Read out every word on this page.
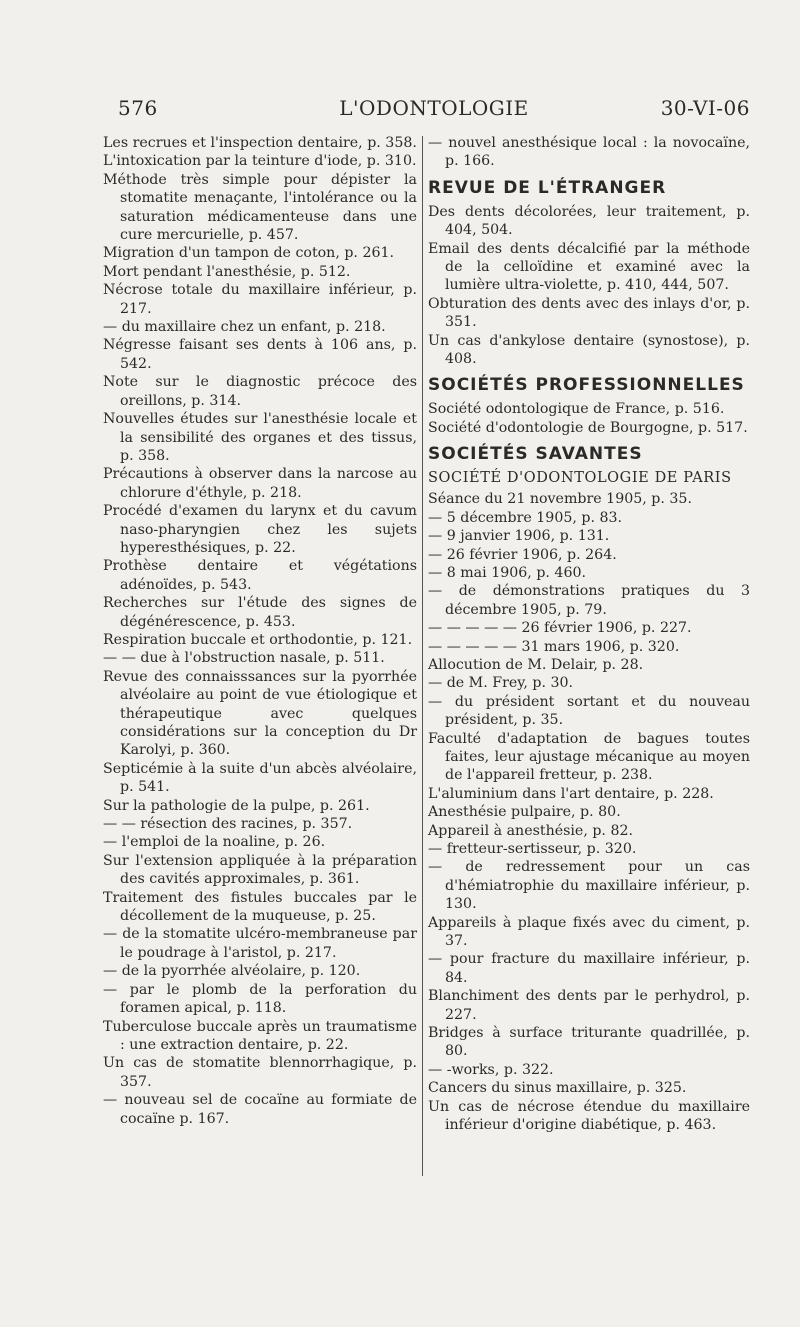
576	L'ODONTOLOGIE	30-VI-06

Les recrues et l'inspection dentaire, p. 358.

L'intoxication par la teinture d'iode, p. 310.

Méthode très simple pour dépister la stomatite menaçante, l'intolérance ou la saturation médicamenteuse dans une cure mercurielle, p. 457.

Migration d'un tampon de coton, p. 261.

Mort pendant l'anesthésie, p. 512.

Nécrose totale du maxillaire inférieur, p. 217.

— du maxillaire chez un enfant, p. 218.

Négresse faisant ses dents à 106 ans, p. 542.

Note sur le diagnostic précoce des oreillons, p. 314.

Nouvelles études sur l'anesthésie locale et la sensibilité des organes et des tissus, p. 358.

Précautions à observer dans la narcose au chlorure d'éthyle, p. 218.

Procédé d'examen du larynx et du cavum naso-pharyngien chez les sujets hyperesthésiques, p. 22.

Prothèse dentaire et végétations adénoïdes, p. 543.

Recherches sur l'étude des signes de dégénérescence, p. 453.

Respiration buccale et orthodontie, p. 121.

— — due à l'obstruction nasale, p. 511.

Revue des connaisssances sur la pyorrhée alvéolaire au point de vue étiologique et thérapeutique avec quelques considérations sur la conception du Dr Karolyi, p. 360.

Septicémie à la suite d'un abcès alvéolaire, p. 541.

Sur la pathologie de la pulpe, p. 261.

— — résection des racines, p. 357.

— l'emploi de la noaline, p. 26.

Sur l'extension appliquée à la préparation des cavités approximales, p. 361.

Traitement des fistules buccales par le décollement de la muqueuse, p. 25.

— de la stomatite ulcéro-membraneuse par le poudrage à l'aristol, p. 217.

— de la pyorrhée alvéolaire, p. 120.

— par le plomb de la perforation du foramen apical, p. 118.

Tuberculose buccale après un traumatisme : une extraction dentaire, p. 22.

Un cas de stomatite blennorrhagique, p. 357.

— nouveau sel de cocaïne au formiate de cocaïne p. 167.

— nouvel anesthésique local : la novocaïne, p. 166.

REVUE DE L'ÉTRANGER

Des dents décolorées, leur traitement, p. 404, 504.

Email des dents décalcifié par la méthode de la celloïdine et examiné avec la lumière ultra-violette, p. 410, 444, 507.

Obturation des dents avec des inlays d'or, p. 351.

Un cas d'ankylose dentaire (synostose), p. 408.

SOCIÉTÉS PROFESSIONNELLES

Société odontologique de France, p. 516.

Société d'odontologie de Bourgogne, p. 517.

SOCIÉTÉS SAVANTES
SOCIÉTÉ D'ODONTOLOGIE DE PARIS

Séance du 21 novembre 1905, p. 35.

— 5 décembre 1905, p. 83.

— 9 janvier 1906, p. 131.

— 26 février 1906, p. 264.

— 8 mai 1906, p. 460.

— de démonstrations pratiques du 3 décembre 1905, p. 79.

— — — — — 26 février 1906, p. 227.

— — — — — 31 mars 1906, p. 320.

Allocution de M. Delair, p. 28.

— de M. Frey, p. 30.

— du président sortant et du nouveau président, p. 35.

Faculté d'adaptation de bagues toutes faites, leur ajustage mécanique au moyen de l'appareil fretteur, p. 238.

L'aluminium dans l'art dentaire, p. 228.

Anesthésie pulpaire, p. 80.

Appareil à anesthésie, p. 82.

— fretteur-sertisseur, p. 320.

— de redressement pour un cas d'hémiatrophie du maxillaire inférieur, p. 130.

Appareils à plaque fixés avec du ciment, p. 37.

— pour fracture du maxillaire inférieur, p. 84.

Blanchiment des dents par le perhydrol, p. 227.

Bridges à surface triturante quadrillée, p. 80.

— -works, p. 322.

Cancers du sinus maxillaire, p. 325.

Un cas de nécrose étendue du maxillaire inférieur d'origine diabétique, p. 463.
